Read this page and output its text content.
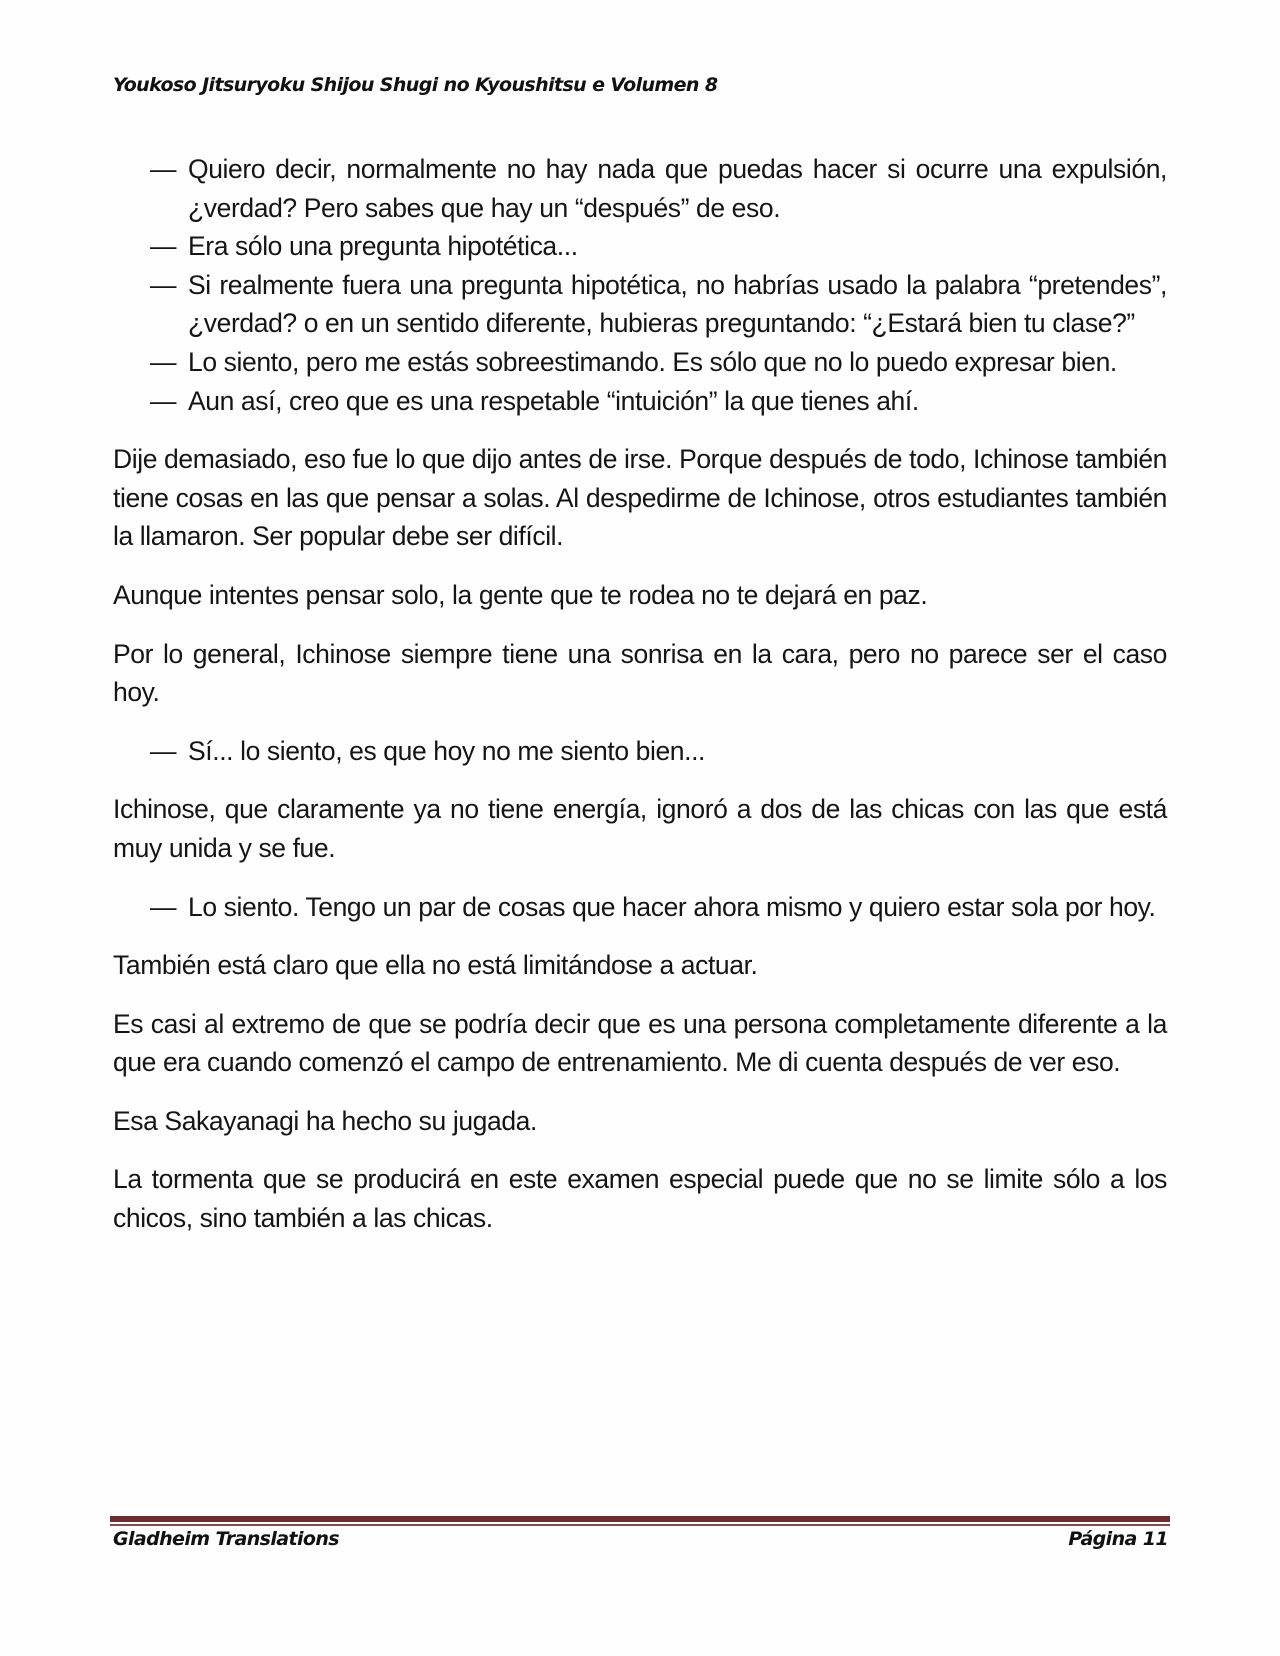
Youkoso Jitsuryoku Shijou Shugi no Kyoushitsu e Volumen 8

— Quiero decir, normalmente no hay nada que puedas hacer si ocurre una expulsión, ¿verdad? Pero sabes que hay un “después” de eso.

— Era sólo una pregunta hipotética...

— Si realmente fuera una pregunta hipotética, no habrías usado la palabra “pretendes”, ¿verdad? o en un sentido diferente, hubieras preguntando: “¿Estará bien tu clase?”

— Lo siento, pero me estás sobreestimando. Es sólo que no lo puedo expresar bien.

— Aun así, creo que es una respetable “intuición” la que tienes ahí.

Dije demasiado, eso fue lo que dijo antes de irse. Porque después de todo, Ichinose también tiene cosas en las que pensar a solas. Al despedirme de Ichinose, otros estudiantes también la llamaron. Ser popular debe ser difícil.

Aunque intentes pensar solo, la gente que te rodea no te dejará en paz.

Por lo general, Ichinose siempre tiene una sonrisa en la cara, pero no parece ser el caso hoy.

— Sí... lo siento, es que hoy no me siento bien...

Ichinose, que claramente ya no tiene energía, ignoró a dos de las chicas con las que está muy unida y se fue.

— Lo siento. Tengo un par de cosas que hacer ahora mismo y quiero estar sola por hoy.

También está claro que ella no está limitándose a actuar.

Es casi al extremo de que se podría decir que es una persona completamente diferente a la que era cuando comenzó el campo de entrenamiento. Me di cuenta después de ver eso.

Esa Sakayanagi ha hecho su jugada.

La tormenta que se producirá en este examen especial puede que no se limite sólo a los chicos, sino también a las chicas.

Gladheim Translations	Página 11
